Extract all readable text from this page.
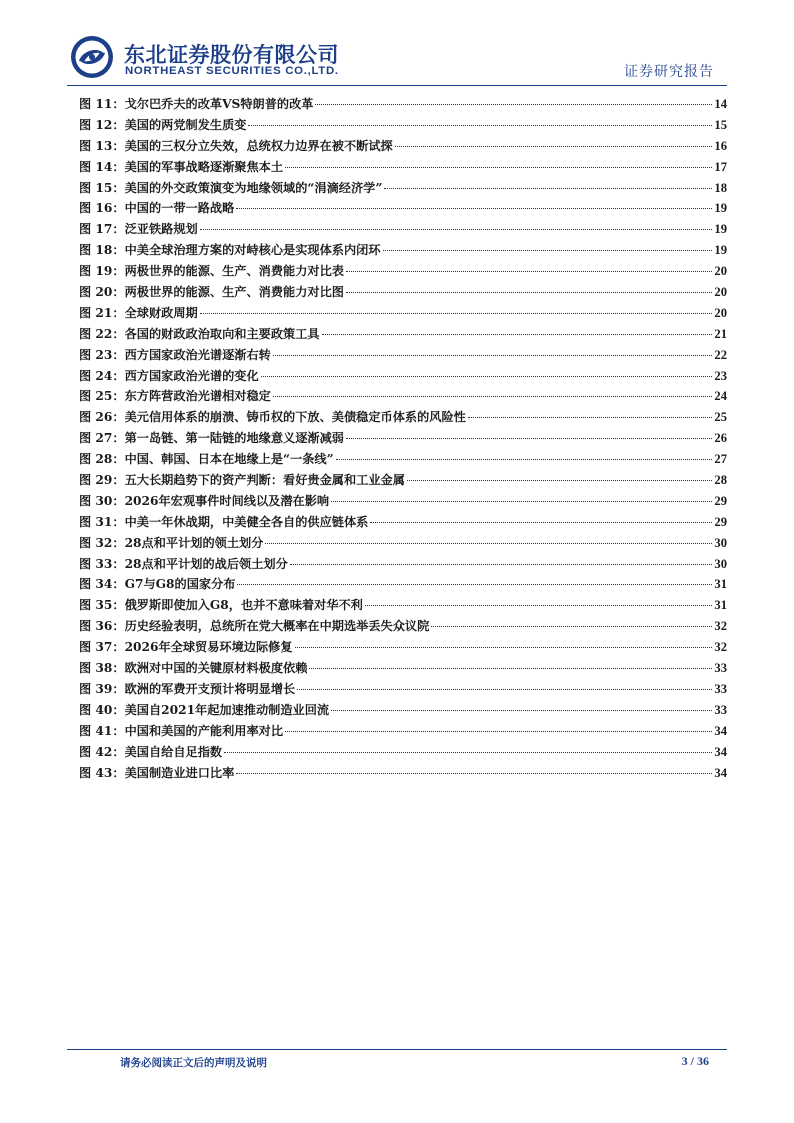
东北证券股份有限公司
NORTHEAST SECURITIES CO.,LTD.	证券研究报告
图 11： 戈尔巴乔夫的改革VS特朗普的改革	14
图 12： 美国的两党制发生质变	15
图 13： 美国的三权分立失效，总统权力边界在被不断试探	16
图 14： 美国的军事战略逐渐聚焦本土	17
图 15： 美国的外交政策演变为地缘领域的“涓滴经济学”	18
图 16： 中国的一带一路战略	19
图 17： 泛亚铁路规划	19
图 18： 中美全球治理方案的对峙核心是实现体系内闭环	19
图 19： 两极世界的能源、生产、消费能力对比表	20
图 20： 两极世界的能源、生产、消费能力对比图	20
图 21： 全球财政周期	20
图 22： 各国的财政政治取向和主要政策工具	21
图 23： 西方国家政治光谱逐渐右转	22
图 24： 西方国家政治光谱的变化	23
图 25： 东方阵营政治光谱相对稳定	24
图 26： 美元信用体系的崩溃、铸币权的下放、美债稳定币体系的风险性	25
图 27： 第一岛链、第一陆链的地缘意义逐渐减弱	26
图 28： 中国、韩国、日本在地缘上是“一条线”	27
图 29： 五大长期趋势下的资产判断：看好贵金属和工业金属	28
图 30： 2026年宏观事件时间线以及潜在影响	29
图 31： 中美一年休战期，中美健全各自的供应链体系	29
图 32： 28点和平计划的领土划分	30
图 33： 28点和平计划的战后领土划分	30
图 34： G7与G8的国家分布	31
图 35： 俄罗斯即使加入G8，也并不意味着对华不利	31
图 36： 历史经验表明，总统所在党大概率在中期选举丢失众议院	32
图 37： 2026年全球贸易环境边际修复	32
图 38： 欧洲对中国的关键原材料极度依赖	33
图 39： 欧洲的军费开支预计将明显增长	33
图 40： 美国自2021年起加速推动制造业回流	33
图 41： 中国和美国的产能利用率对比	34
图 42： 美国自给自足指数	34
图 43： 美国制造业进口比率	34
请务必阅读正文后的声明及说明	3 / 36
